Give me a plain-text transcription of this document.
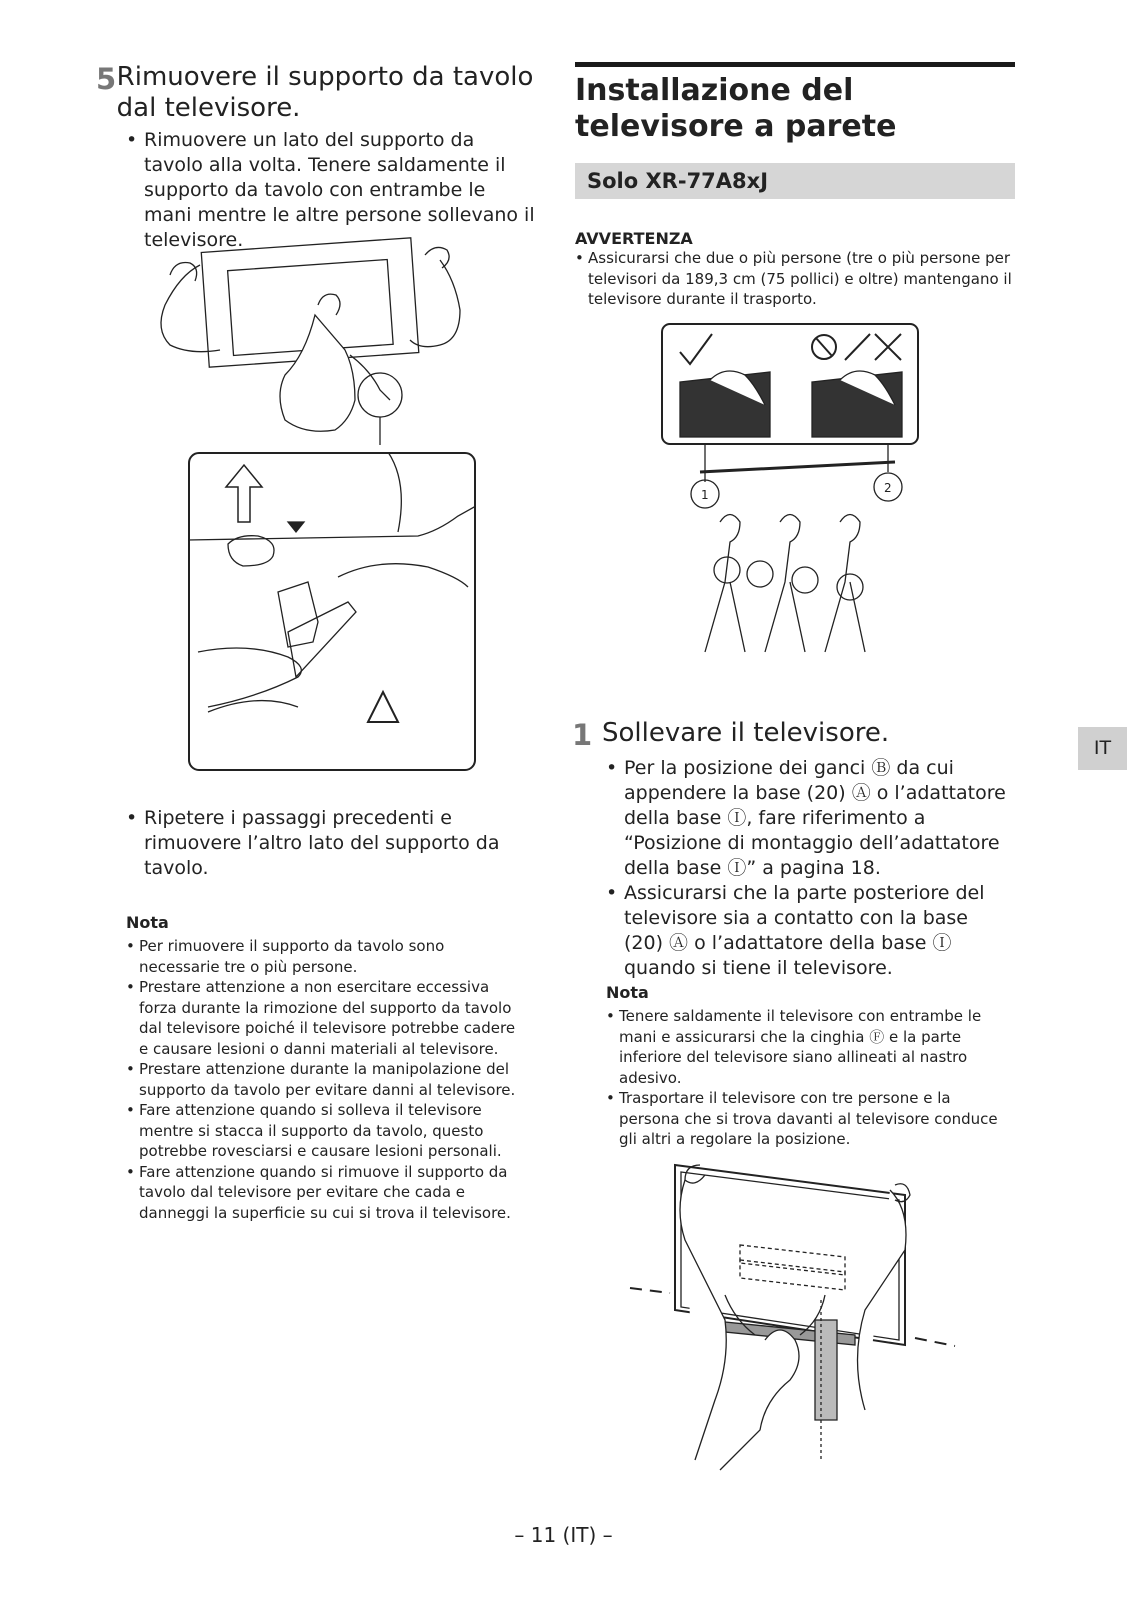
5 Rimuovere il supporto da tavolo dal televisore.
• Rimuovere un lato del supporto da tavolo alla volta. Tenere saldamente il supporto da tavolo con entrambe le mani mentre le altre persone sollevano il televisore.
• Ripetere i passaggi precedenti e rimuovere l’altro lato del supporto da tavolo.
Nota
• Per rimuovere il supporto da tavolo sono necessarie tre o più persone.
• Prestare attenzione a non esercitare eccessiva forza durante la rimozione del supporto da tavolo dal televisore poiché il televisore potrebbe cadere e causare lesioni o danni materiali al televisore.
• Prestare attenzione durante la manipolazione del supporto da tavolo per evitare danni al televisore.
• Fare attenzione quando si solleva il televisore mentre si stacca il supporto da tavolo, questo potrebbe rovesciarsi e causare lesioni personali.
• Fare attenzione quando si rimuove il supporto da tavolo dal televisore per evitare che cada e danneggi la superficie su cui si trova il televisore.
Installazione del televisore a parete
Solo XR-77A8xJ
AVVERTENZA
• Assicurarsi che due o più persone (tre o più persone per televisori da 189,3 cm (75 pollici) e oltre) mantengano il televisore durante il trasporto.
1	2
1 Sollevare il televisore.
• Per la posizione dei ganci Ⓑ da cui appendere la base (20) Ⓐ o l’adattatore della base Ⓘ, fare riferimento a “Posizione di montaggio dell’adattatore della base Ⓘ” a pagina 18.
• Assicurarsi che la parte posteriore del televisore sia a contatto con la base (20) Ⓐ o l’adattatore della base Ⓘ quando si tiene il televisore.
Nota
• Tenere saldamente il televisore con entrambe le mani e assicurarsi che la cinghia Ⓕ e la parte inferiore del televisore siano allineati al nastro adesivo.
• Trasportare il televisore con tre persone e la persona che si trova davanti al televisore conduce gli altri a regolare la posizione.
IT
– 11 (IT) –
